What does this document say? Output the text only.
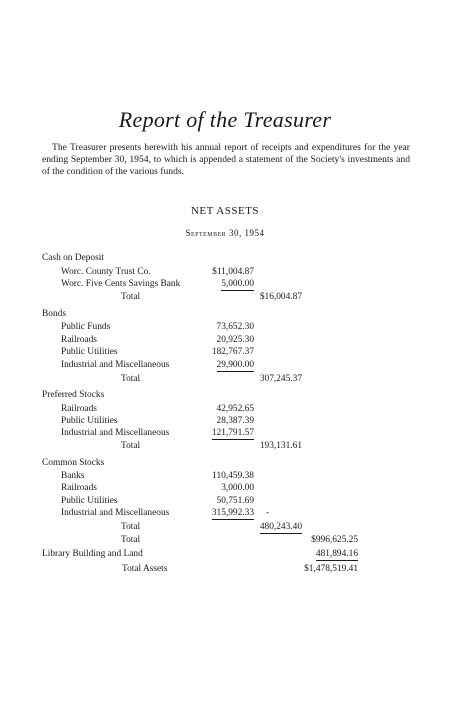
Report of the Treasurer

The Treasurer presents herewith his annual report of receipts and expenditures for the year ending September 30, 1954, to which is appended a statement of the Society's investments and of the condition of the various funds.

NET ASSETS
September 30, 1954
Cash on Deposit
Worc. County Trust Co.	$11,004.87
Worc. Five Cents Savings Bank	5,000.00
Total	$16,004.87
Bonds
Public Funds	73,652.30
Railroads	20,925.30
Public Utilities	182,767.37
Industrial and Miscellaneous	29,900.00
Total	307,245.37
Preferred Stocks
Railroads	42,952.65
Public Utilities	28,387.39
Industrial and Miscellaneous	121,791.57
Total	193,131.61
Common Stocks
Banks	110,459.38
Railroads	3,000.00
Public Utilities	50,751.69
Industrial and Miscellaneous	315,992.33 -
Total	480,243.40
Total	$996,625.25
Library Building and Land	481,894.16
Total Assets	$1,478,519.41
